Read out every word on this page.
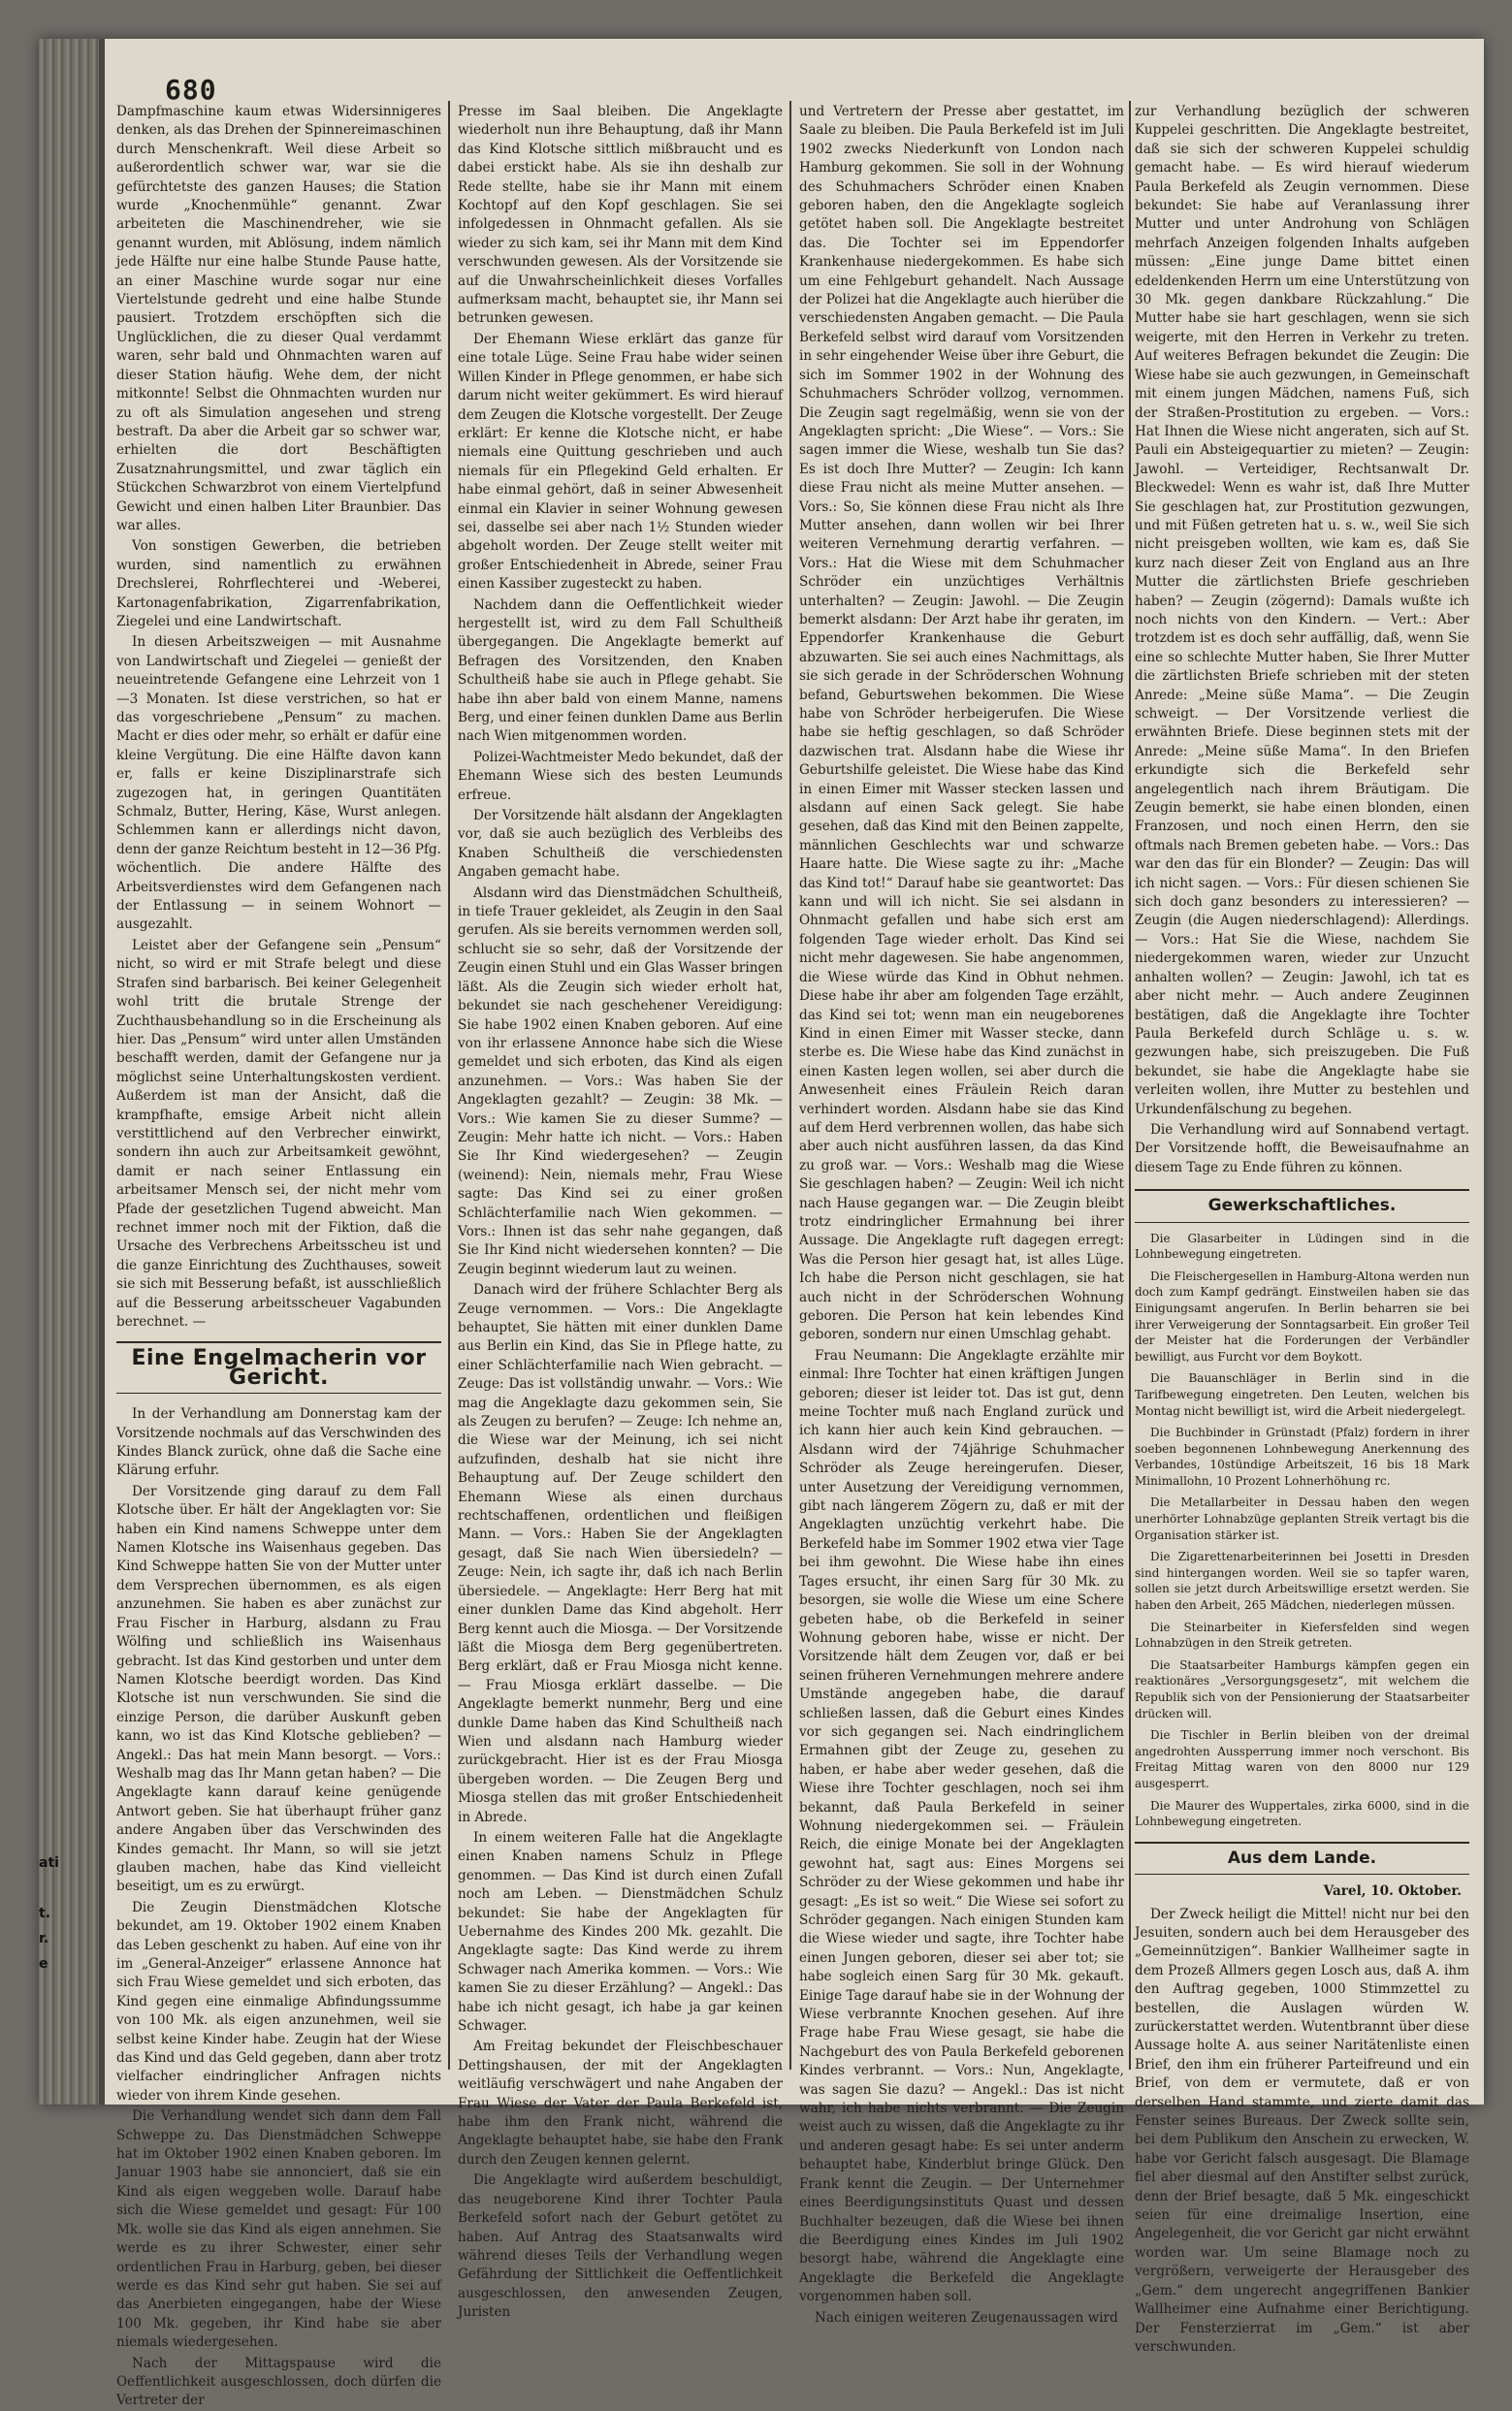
ati
t.
r.
e
680

Dampfmaschine kaum etwas Widersinnigeres denken, als das Drehen der Spinnereimaschinen durch Menschenkraft. Weil diese Arbeit so außerordentlich schwer war, war sie die gefürchtetste des ganzen Hauses; die Station wurde „Knochenmühle“ genannt. Zwar arbeiteten die Maschinendreher, wie sie genannt wurden, mit Ablösung, indem nämlich jede Hälfte nur eine halbe Stunde Pause hatte, an einer Maschine wurde sogar nur eine Viertelstunde gedreht und eine halbe Stunde pausiert. Trotzdem erschöpften sich die Unglücklichen, die zu dieser Qual verdammt waren, sehr bald und Ohnmachten waren auf dieser Station häufig. Wehe dem, der nicht mitkonnte! Selbst die Ohnmachten wurden nur zu oft als Simulation angesehen und streng bestraft. Da aber die Arbeit gar so schwer war, erhielten die dort Beschäftigten Zusatznahrungsmittel, und zwar täglich ein Stückchen Schwarzbrot von einem Viertelpfund Gewicht und einen halben Liter Braunbier. Das war alles.

Von sonstigen Gewerben, die betrieben wurden, sind namentlich zu erwähnen Drechslerei, Rohrflechterei und -Weberei, Kartonagenfabrikation, Zigarrenfabrikation, Ziegelei und eine Landwirtschaft.

In diesen Arbeitszweigen — mit Ausnahme von Landwirtschaft und Ziegelei — genießt der neueintretende Gefangene eine Lehrzeit von 1—3 Monaten. Ist diese verstrichen, so hat er das vorgeschriebene „Pensum“ zu machen. Macht er dies oder mehr, so erhält er dafür eine kleine Vergütung. Die eine Hälfte davon kann er, falls er keine Disziplinarstrafe sich zugezogen hat, in geringen Quantitäten Schmalz, Butter, Hering, Käse, Wurst anlegen. Schlemmen kann er allerdings nicht davon, denn der ganze Reichtum besteht in 12—36 Pfg. wöchentlich. Die andere Hälfte des Arbeitsverdienstes wird dem Gefangenen nach der Entlassung — in seinem Wohnort — ausgezahlt.

Leistet aber der Gefangene sein „Pensum“ nicht, so wird er mit Strafe belegt und diese Strafen sind barbarisch. Bei keiner Gelegenheit wohl tritt die brutale Strenge der Zuchthausbehandlung so in die Erscheinung als hier. Das „Pensum“ wird unter allen Umständen beschafft werden, damit der Gefangene nur ja möglichst seine Unterhaltungskosten verdient. Außerdem ist man der Ansicht, daß die krampfhafte, emsige Arbeit nicht allein verstittlichend auf den Verbrecher einwirkt, sondern ihn auch zur Arbeitsamkeit gewöhnt, damit er nach seiner Entlassung ein arbeitsamer Mensch sei, der nicht mehr vom Pfade der gesetzlichen Tugend abweicht. Man rechnet immer noch mit der Fiktion, daß die Ursache des Verbrechens Arbeitsscheu ist und die ganze Einrichtung des Zuchthauses, soweit sie sich mit Besserung befaßt, ist ausschließlich auf die Besserung arbeitsscheuer Vagabunden berechnet. —

Eine Engelmacherin vor Gericht.

In der Verhandlung am Donnerstag kam der Vorsitzende nochmals auf das Verschwinden des Kindes Blanck zurück, ohne daß die Sache eine Klärung erfuhr.

Der Vorsitzende ging darauf zu dem Fall Klotsche über. Er hält der Angeklagten vor: Sie haben ein Kind namens Schweppe unter dem Namen Klotsche ins Waisenhaus gegeben. Das Kind Schweppe hatten Sie von der Mutter unter dem Versprechen übernommen, es als eigen anzunehmen. Sie haben es aber zunächst zur Frau Fischer in Harburg, alsdann zu Frau Wölfing und schließlich ins Waisenhaus gebracht. Ist das Kind gestorben und unter dem Namen Klotsche beerdigt worden. Das Kind Klotsche ist nun verschwunden. Sie sind die einzige Person, die darüber Auskunft geben kann, wo ist das Kind Klotsche geblieben? — Angekl.: Das hat mein Mann besorgt. — Vors.: Weshalb mag das Ihr Mann getan haben? — Die Angeklagte kann darauf keine genügende Antwort geben. Sie hat überhaupt früher ganz andere Angaben über das Verschwinden des Kindes gemacht. Ihr Mann, so will sie jetzt glauben machen, habe das Kind vielleicht beseitigt, um es zu erwürgt.

Die Zeugin Dienstmädchen Klotsche bekundet, am 19. Oktober 1902 einem Knaben das Leben geschenkt zu haben. Auf eine von ihr im „General-Anzeiger“ erlassene Annonce hat sich Frau Wiese gemeldet und sich erboten, das Kind gegen eine einmalige Abfindungssumme von 100 Mk. als eigen anzunehmen, weil sie selbst keine Kinder habe. Zeugin hat der Wiese das Kind und das Geld gegeben, dann aber trotz vielfacher eindringlicher Anfragen nichts wieder von ihrem Kinde gesehen.

Die Verhandlung wendet sich dann dem Fall Schweppe zu. Das Dienstmädchen Schweppe hat im Oktober 1902 einen Knaben geboren. Im Januar 1903 habe sie annonciert, daß sie ein Kind als eigen weggeben wolle. Darauf habe sich die Wiese gemeldet und gesagt: Für 100 Mk. wolle sie das Kind als eigen annehmen. Sie werde es zu ihrer Schwester, einer sehr ordentlichen Frau in Harburg, geben, bei dieser werde es das Kind sehr gut haben. Sie sei auf das Anerbieten eingegangen, habe der Wiese 100 Mk. gegeben, ihr Kind habe sie aber niemals wiedergesehen.

Nach der Mittagspause wird die Oeffentlichkeit ausgeschlossen, doch dürfen die Vertreter der

Presse im Saal bleiben. Die Angeklagte wiederholt nun ihre Behauptung, daß ihr Mann das Kind Klotsche sittlich mißbraucht und es dabei erstickt habe. Als sie ihn deshalb zur Rede stellte, habe sie ihr Mann mit einem Kochtopf auf den Kopf geschlagen. Sie sei infolgedessen in Ohnmacht gefallen. Als sie wieder zu sich kam, sei ihr Mann mit dem Kind verschwunden gewesen. Als der Vorsitzende sie auf die Unwahrscheinlichkeit dieses Vorfalles aufmerksam macht, behauptet sie, ihr Mann sei betrunken gewesen.

Der Ehemann Wiese erklärt das ganze für eine totale Lüge. Seine Frau habe wider seinen Willen Kinder in Pflege genommen, er habe sich darum nicht weiter gekümmert. Es wird hierauf dem Zeugen die Klotsche vorgestellt. Der Zeuge erklärt: Er kenne die Klotsche nicht, er habe niemals eine Quittung geschrieben und auch niemals für ein Pflegekind Geld erhalten. Er habe einmal gehört, daß in seiner Abwesenheit einmal ein Klavier in seiner Wohnung gewesen sei, dasselbe sei aber nach 1½ Stunden wieder abgeholt worden. Der Zeuge stellt weiter mit großer Entschiedenheit in Abrede, seiner Frau einen Kassiber zugesteckt zu haben.

Nachdem dann die Oeffentlichkeit wieder hergestellt ist, wird zu dem Fall Schultheiß übergegangen. Die Angeklagte bemerkt auf Befragen des Vorsitzenden, den Knaben Schultheiß habe sie auch in Pflege gehabt. Sie habe ihn aber bald von einem Manne, namens Berg, und einer feinen dunklen Dame aus Berlin nach Wien mitgenommen worden.

Polizei-Wachtmeister Medo bekundet, daß der Ehemann Wiese sich des besten Leumunds erfreue.

Der Vorsitzende hält alsdann der Angeklagten vor, daß sie auch bezüglich des Verbleibs des Knaben Schultheiß die verschiedensten Angaben gemacht habe.

Alsdann wird das Dienstmädchen Schultheiß, in tiefe Trauer gekleidet, als Zeugin in den Saal gerufen. Als sie bereits vernommen werden soll, schlucht sie so sehr, daß der Vorsitzende der Zeugin einen Stuhl und ein Glas Wasser bringen läßt. Als die Zeugin sich wieder erholt hat, bekundet sie nach geschehener Vereidigung: Sie habe 1902 einen Knaben geboren. Auf eine von ihr erlassene Annonce habe sich die Wiese gemeldet und sich erboten, das Kind als eigen anzunehmen. — Vors.: Was haben Sie der Angeklagten gezahlt? — Zeugin: 38 Mk. — Vors.: Wie kamen Sie zu dieser Summe? — Zeugin: Mehr hatte ich nicht. — Vors.: Haben Sie Ihr Kind wiedergesehen? — Zeugin (weinend): Nein, niemals mehr, Frau Wiese sagte: Das Kind sei zu einer großen Schlächterfamilie nach Wien gekommen. — Vors.: Ihnen ist das sehr nahe gegangen, daß Sie Ihr Kind nicht wiedersehen konnten? — Die Zeugin beginnt wiederum laut zu weinen.

Danach wird der frühere Schlachter Berg als Zeuge vernommen. — Vors.: Die Angeklagte behauptet, Sie hätten mit einer dunklen Dame aus Berlin ein Kind, das Sie in Pflege hatte, zu einer Schlächterfamilie nach Wien gebracht. — Zeuge: Das ist vollständig unwahr. — Vors.: Wie mag die Angeklagte dazu gekommen sein, Sie als Zeugen zu berufen? — Zeuge: Ich nehme an, die Wiese war der Meinung, ich sei nicht aufzufinden, deshalb hat sie nicht ihre Behauptung auf. Der Zeuge schildert den Ehemann Wiese als einen durchaus rechtschaffenen, ordentlichen und fleißigen Mann. — Vors.: Haben Sie der Angeklagten gesagt, daß Sie nach Wien übersiedeln? — Zeuge: Nein, ich sagte ihr, daß ich nach Berlin übersiedele. — Angeklagte: Herr Berg hat mit einer dunklen Dame das Kind abgeholt. Herr Berg kennt auch die Miosga. — Der Vorsitzende läßt die Miosga dem Berg gegenübertreten. Berg erklärt, daß er Frau Miosga nicht kenne. — Frau Miosga erklärt dasselbe. — Die Angeklagte bemerkt nunmehr, Berg und eine dunkle Dame haben das Kind Schultheiß nach Wien und alsdann nach Hamburg wieder zurückgebracht. Hier ist es der Frau Miosga übergeben worden. — Die Zeugen Berg und Miosga stellen das mit großer Entschiedenheit in Abrede.

In einem weiteren Falle hat die Angeklagte einen Knaben namens Schulz in Pflege genommen. — Das Kind ist durch einen Zufall noch am Leben. — Dienstmädchen Schulz bekundet: Sie habe der Angeklagten für Uebernahme des Kindes 200 Mk. gezahlt. Die Angeklagte sagte: Das Kind werde zu ihrem Schwager nach Amerika kommen. — Vors.: Wie kamen Sie zu dieser Erzählung? — Angekl.: Das habe ich nicht gesagt, ich habe ja gar keinen Schwager.

Am Freitag bekundet der Fleischbeschauer Dettingshausen, der mit der Angeklagten weitläufig verschwägert und nahe Angaben der Frau Wiese der Vater der Paula Berkefeld ist, habe ihm den Frank nicht, während die Angeklagte behauptet habe, sie habe den Frank durch den Zeugen kennen gelernt.

Die Angeklagte wird außerdem beschuldigt, das neugeborene Kind ihrer Tochter Paula Berkefeld sofort nach der Geburt getötet zu haben. Auf Antrag des Staatsanwalts wird während dieses Teils der Verhandlung wegen Gefährdung der Sittlichkeit die Oeffentlichkeit ausgeschlossen, den anwesenden Zeugen, Juristen

und Vertretern der Presse aber gestattet, im Saale zu bleiben. Die Paula Berkefeld ist im Juli 1902 zwecks Niederkunft von London nach Hamburg gekommen. Sie soll in der Wohnung des Schuhmachers Schröder einen Knaben geboren haben, den die Angeklagte sogleich getötet haben soll. Die Angeklagte bestreitet das. Die Tochter sei im Eppendorfer Krankenhause niedergekommen. Es habe sich um eine Fehlgeburt gehandelt. Nach Aussage der Polizei hat die Angeklagte auch hierüber die verschiedensten Angaben gemacht. — Die Paula Berkefeld selbst wird darauf vom Vorsitzenden in sehr eingehender Weise über ihre Geburt, die sich im Sommer 1902 in der Wohnung des Schuhmachers Schröder vollzog, vernommen. Die Zeugin sagt regelmäßig, wenn sie von der Angeklagten spricht: „Die Wiese“. — Vors.: Sie sagen immer die Wiese, weshalb tun Sie das? Es ist doch Ihre Mutter? — Zeugin: Ich kann diese Frau nicht als meine Mutter ansehen. — Vors.: So, Sie können diese Frau nicht als Ihre Mutter ansehen, dann wollen wir bei Ihrer weiteren Vernehmung derartig verfahren. — Vors.: Hat die Wiese mit dem Schuhmacher Schröder ein unzüchtiges Verhältnis unterhalten? — Zeugin: Jawohl. — Die Zeugin bemerkt alsdann: Der Arzt habe ihr geraten, im Eppendorfer Krankenhause die Geburt abzuwarten. Sie sei auch eines Nachmittags, als sie sich gerade in der Schröderschen Wohnung befand, Geburtswehen bekommen. Die Wiese habe von Schröder herbeigerufen. Die Wiese habe sie heftig geschlagen, so daß Schröder dazwischen trat. Alsdann habe die Wiese ihr Geburtshilfe geleistet. Die Wiese habe das Kind in einen Eimer mit Wasser stecken lassen und alsdann auf einen Sack gelegt. Sie habe gesehen, daß das Kind mit den Beinen zappelte, männlichen Geschlechts war und schwarze Haare hatte. Die Wiese sagte zu ihr: „Mache das Kind tot!“ Darauf habe sie geantwortet: Das kann und will ich nicht. Sie sei alsdann in Ohnmacht gefallen und habe sich erst am folgenden Tage wieder erholt. Das Kind sei nicht mehr dagewesen. Sie habe angenommen, die Wiese würde das Kind in Obhut nehmen. Diese habe ihr aber am folgenden Tage erzählt, das Kind sei tot; wenn man ein neugeborenes Kind in einen Eimer mit Wasser stecke, dann sterbe es. Die Wiese habe das Kind zunächst in einen Kasten legen wollen, sei aber durch die Anwesenheit eines Fräulein Reich daran verhindert worden. Alsdann habe sie das Kind auf dem Herd verbrennen wollen, das habe sich aber auch nicht ausführen lassen, da das Kind zu groß war. — Vors.: Weshalb mag die Wiese Sie geschlagen haben? — Zeugin: Weil ich nicht nach Hause gegangen war. — Die Zeugin bleibt trotz eindringlicher Ermahnung bei ihrer Aussage. Die Angeklagte ruft dagegen erregt: Was die Person hier gesagt hat, ist alles Lüge. Ich habe die Person nicht geschlagen, sie hat auch nicht in der Schröderschen Wohnung geboren. Die Person hat kein lebendes Kind geboren, sondern nur einen Umschlag gehabt.

Frau Neumann: Die Angeklagte erzählte mir einmal: Ihre Tochter hat einen kräftigen Jungen geboren; dieser ist leider tot. Das ist gut, denn meine Tochter muß nach England zurück und ich kann hier auch kein Kind gebrauchen. — Alsdann wird der 74jährige Schuhmacher Schröder als Zeuge hereingerufen. Dieser, unter Ausetzung der Vereidigung vernommen, gibt nach längerem Zögern zu, daß er mit der Angeklagten unzüchtig verkehrt habe. Die Berkefeld habe im Sommer 1902 etwa vier Tage bei ihm gewohnt. Die Wiese habe ihn eines Tages ersucht, ihr einen Sarg für 30 Mk. zu besorgen, sie wolle die Wiese um eine Schere gebeten habe, ob die Berkefeld in seiner Wohnung geboren habe, wisse er nicht. Der Vorsitzende hält dem Zeugen vor, daß er bei seinen früheren Vernehmungen mehrere andere Umstände angegeben habe, die darauf schließen lassen, daß die Geburt eines Kindes vor sich gegangen sei. Nach eindringlichem Ermahnen gibt der Zeuge zu, gesehen zu haben, er habe aber weder gesehen, daß die Wiese ihre Tochter geschlagen, noch sei ihm bekannt, daß Paula Berkefeld in seiner Wohnung niedergekommen sei. — Fräulein Reich, die einige Monate bei der Angeklagten gewohnt hat, sagt aus: Eines Morgens sei Schröder zu der Wiese gekommen und habe ihr gesagt: „Es ist so weit.“ Die Wiese sei sofort zu Schröder gegangen. Nach einigen Stunden kam die Wiese wieder und sagte, ihre Tochter habe einen Jungen geboren, dieser sei aber tot; sie habe sogleich einen Sarg für 30 Mk. gekauft. Einige Tage darauf habe sie in der Wohnung der Wiese verbrannte Knochen gesehen. Auf ihre Frage habe Frau Wiese gesagt, sie habe die Nachgeburt des von Paula Berkefeld geborenen Kindes verbrannt. — Vors.: Nun, Angeklagte, was sagen Sie dazu? — Angekl.: Das ist nicht wahr, ich habe nichts verbrannt. — Die Zeugin weist auch zu wissen, daß die Angeklagte zu ihr und anderen gesagt habe: Es sei unter anderm behauptet habe, Kinderblut bringe Glück. Den Frank kennt die Zeugin. — Der Unternehmer eines Beerdigungsinstituts Quast und dessen Buchhalter bezeugen, daß die Wiese bei ihnen die Beerdigung eines Kindes im Juli 1902 besorgt habe, während die Angeklagte eine Angeklagte die Berkefeld die Angeklagte vorgenommen haben soll.

Nach einigen weiteren Zeugenaussagen wird

zur Verhandlung bezüglich der schweren Kuppelei geschritten. Die Angeklagte bestreitet, daß sie sich der schweren Kuppelei schuldig gemacht habe. — Es wird hierauf wiederum Paula Berkefeld als Zeugin vernommen. Diese bekundet: Sie habe auf Veranlassung ihrer Mutter und unter Androhung von Schlägen mehrfach Anzeigen folgenden Inhalts aufgeben müssen: „Eine junge Dame bittet einen edeldenkenden Herrn um eine Unterstützung von 30 Mk. gegen dankbare Rückzahlung.“ Die Mutter habe sie hart geschlagen, wenn sie sich weigerte, mit den Herren in Verkehr zu treten. Auf weiteres Befragen bekundet die Zeugin: Die Wiese habe sie auch gezwungen, in Gemeinschaft mit einem jungen Mädchen, namens Fuß, sich der Straßen-Prostitution zu ergeben. — Vors.: Hat Ihnen die Wiese nicht angeraten, sich auf St. Pauli ein Absteigequartier zu mieten? — Zeugin: Jawohl. — Verteidiger, Rechtsanwalt Dr. Bleckwedel: Wenn es wahr ist, daß Ihre Mutter Sie geschlagen hat, zur Prostitution gezwungen, und mit Füßen getreten hat u. s. w., weil Sie sich nicht preisgeben wollten, wie kam es, daß Sie kurz nach dieser Zeit von England aus an Ihre Mutter die zärtlichsten Briefe geschrieben haben? — Zeugin (zögernd): Damals wußte ich noch nichts von den Kindern. — Vert.: Aber trotzdem ist es doch sehr auffällig, daß, wenn Sie eine so schlechte Mutter haben, Sie Ihrer Mutter die zärtlichsten Briefe schrieben mit der steten Anrede: „Meine süße Mama“. — Die Zeugin schweigt. — Der Vorsitzende verliest die erwähnten Briefe. Diese beginnen stets mit der Anrede: „Meine süße Mama“. In den Briefen erkundigte sich die Berkefeld sehr angelegentlich nach ihrem Bräutigam. Die Zeugin bemerkt, sie habe einen blonden, einen Franzosen, und noch einen Herrn, den sie oftmals nach Bremen gebeten habe. — Vors.: Das war den das für ein Blonder? — Zeugin: Das will ich nicht sagen. — Vors.: Für diesen schienen Sie sich doch ganz besonders zu interessieren? — Zeugin (die Augen niederschlagend): Allerdings. — Vors.: Hat Sie die Wiese, nachdem Sie niedergekommen waren, wieder zur Unzucht anhalten wollen? — Zeugin: Jawohl, ich tat es aber nicht mehr. — Auch andere Zeuginnen bestätigen, daß die Angeklagte ihre Tochter Paula Berkefeld durch Schläge u. s. w. gezwungen habe, sich preiszugeben. Die Fuß bekundet, sie habe die Angeklagte habe sie verleiten wollen, ihre Mutter zu bestehlen und Urkundenfälschung zu begehen.

Die Verhandlung wird auf Sonnabend vertagt. Der Vorsitzende hofft, die Beweisaufnahme an diesem Tage zu Ende führen zu können.

Gewerkschaftliches.

Die Glasarbeiter in Lüdingen sind in die Lohnbewegung eingetreten.

Die Fleischergesellen in Hamburg-Altona werden nun doch zum Kampf gedrängt. Einstweilen haben sie das Einigungsamt angerufen. In Berlin beharren sie bei ihrer Verweigerung der Sonntagsarbeit. Ein großer Teil der Meister hat die Forderungen der Verbändler bewilligt, aus Furcht vor dem Boykott.

Die Bauanschläger in Berlin sind in die Tarifbewegung eingetreten. Den Leuten, welchen bis Montag nicht bewilligt ist, wird die Arbeit niedergelegt.

Die Buchbinder in Grünstadt (Pfalz) fordern in ihrer soeben begonnenen Lohnbewegung Anerkennung des Verbandes, 10stündige Arbeitszeit, 16 bis 18 Mark Minimallohn, 10 Prozent Lohnerhöhung rc.

Die Metallarbeiter in Dessau haben den wegen unerhörter Lohnabzüge geplanten Streik vertagt bis die Organisation stärker ist.

Die Zigarettenarbeiterinnen bei Josetti in Dresden sind hintergangen worden. Weil sie so tapfer waren, sollen sie jetzt durch Arbeitswillige ersetzt werden. Sie haben den Arbeit, 265 Mädchen, niederlegen müssen.

Die Steinarbeiter in Kiefersfelden sind wegen Lohnabzügen in den Streik getreten.

Die Staatsarbeiter Hamburgs kämpfen gegen ein reaktionäres „Versorgungsgesetz“, mit welchem die Republik sich von der Pensionierung der Staatsarbeiter drücken will.

Die Tischler in Berlin bleiben von der dreimal angedrohten Aussperrung immer noch verschont. Bis Freitag Mittag waren von den 8000 nur 129 ausgesperrt.

Die Maurer des Wuppertales, zirka 6000, sind in die Lohnbewegung eingetreten.

Aus dem Lande.

Varel, 10. Oktober.

Der Zweck heiligt die Mittel! nicht nur bei den Jesuiten, sondern auch bei dem Herausgeber des „Gemeinnützigen“. Bankier Wallheimer sagte in dem Prozeß Allmers gegen Losch aus, daß A. ihm den Auftrag gegeben, 1000 Stimmzettel zu bestellen, die Auslagen würden W. zurückerstattet werden. Wutentbrannt über diese Aussage holte A. aus seiner Naritätenliste einen Brief, den ihm ein früherer Parteifreund und ein Brief, von dem er vermutete, daß er von derselben Hand stammte, und zierte damit das Fenster seines Bureaus. Der Zweck sollte sein, bei dem Publikum den Anschein zu erwecken, W. habe vor Gericht falsch ausgesagt. Die Blamage fiel aber diesmal auf den Anstifter selbst zurück, denn der Brief besagte, daß 5 Mk. eingeschickt seien für eine dreimalige Insertion, eine Angelegenheit, die vor Gericht gar nicht erwähnt worden war. Um seine Blamage noch zu vergrößern, verweigerte der Herausgeber des „Gem.“ dem ungerecht angegriffenen Bankier Wallheimer eine Aufnahme einer Berichtigung. Der Fensterzierrat im „Gem.“ ist aber verschwunden.
